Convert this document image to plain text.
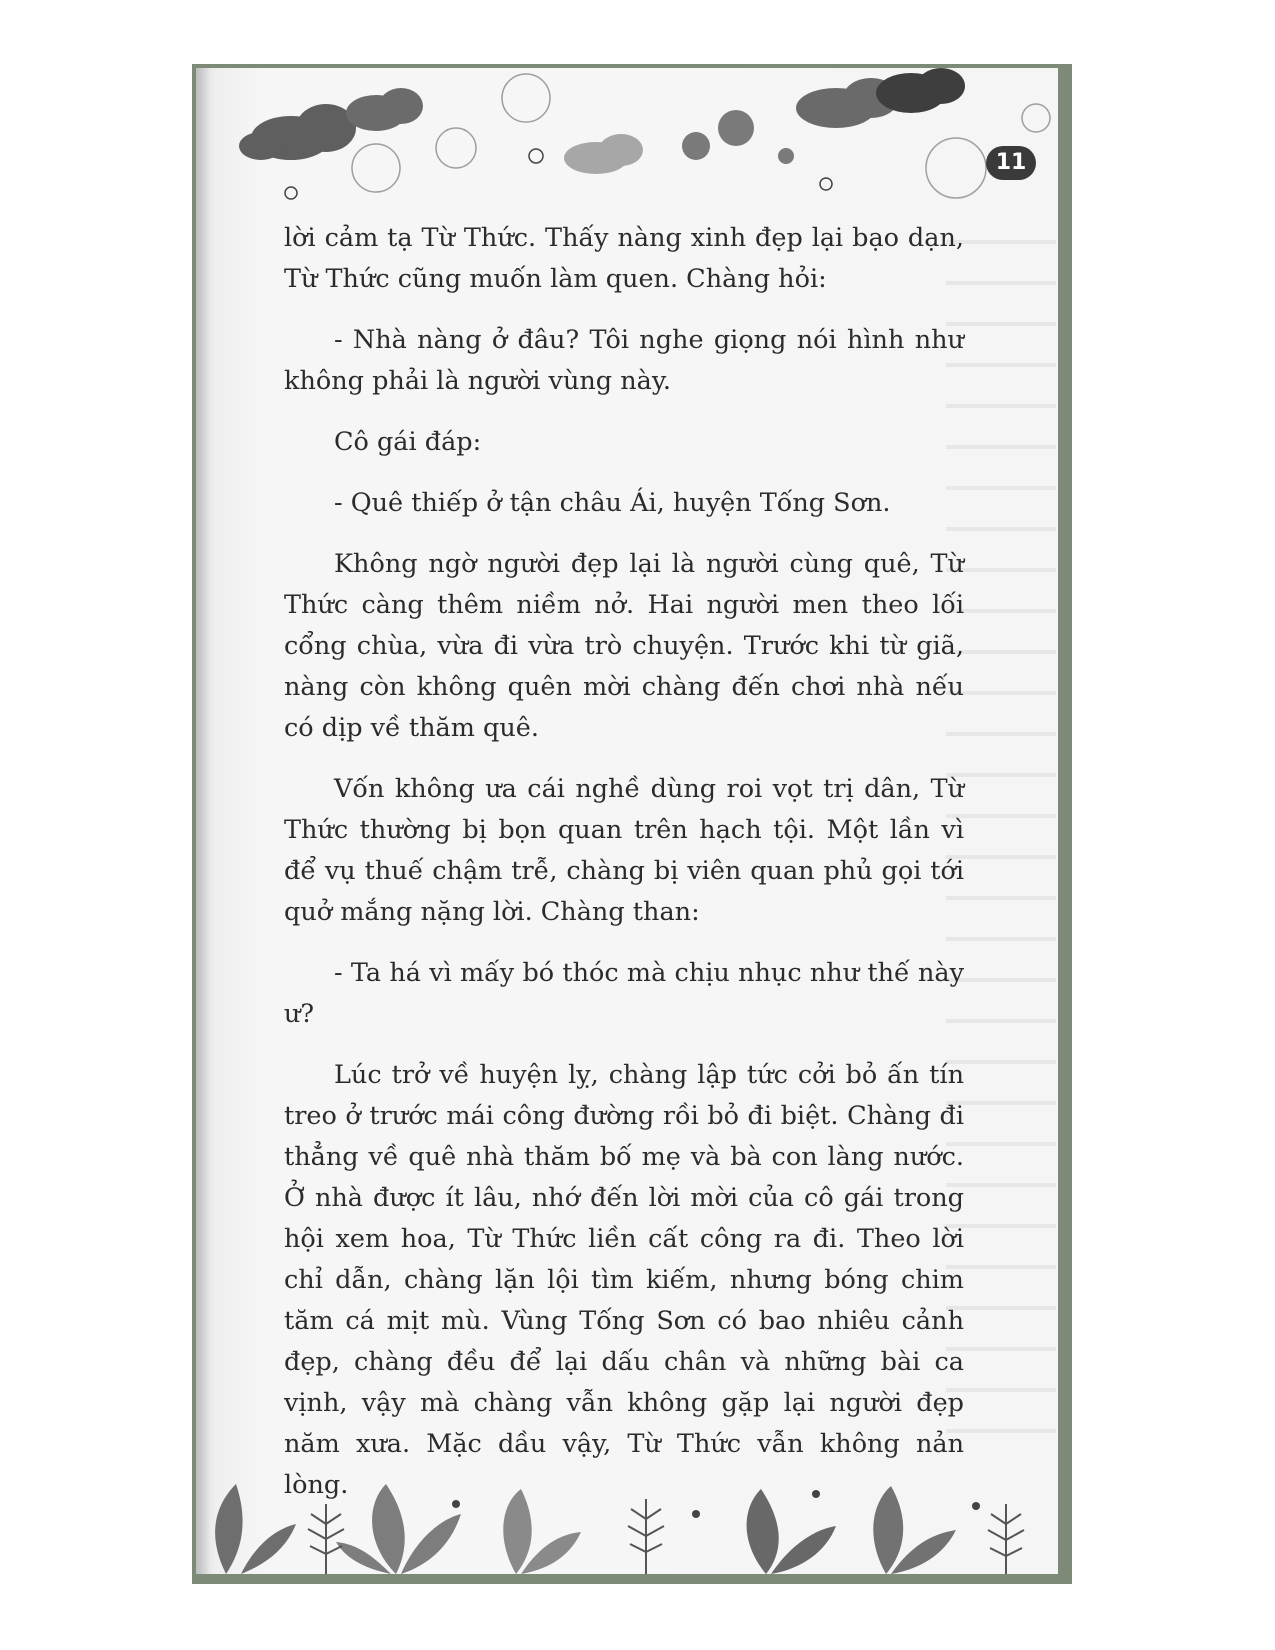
11

lời cảm tạ Từ Thức. Thấy nàng xinh đẹp lại bạo dạn, Từ Thức cũng muốn làm quen. Chàng hỏi:

- Nhà nàng ở đâu? Tôi nghe giọng nói hình như không phải là người vùng này.

Cô gái đáp:

- Quê thiếp ở tận châu Ái, huyện Tống Sơn.

Không ngờ người đẹp lại là người cùng quê, Từ Thức càng thêm niềm nở. Hai người men theo lối cổng chùa, vừa đi vừa trò chuyện. Trước khi từ giã, nàng còn không quên mời chàng đến chơi nhà nếu có dịp về thăm quê.

Vốn không ưa cái nghề dùng roi vọt trị dân, Từ Thức thường bị bọn quan trên hạch tội. Một lần vì để vụ thuế chậm trễ, chàng bị viên quan phủ gọi tới quở mắng nặng lời. Chàng than:

- Ta há vì mấy bó thóc mà chịu nhục như thế này ư?

Lúc trở về huyện lỵ, chàng lập tức cởi bỏ ấn tín treo ở trước mái công đường rồi bỏ đi biệt. Chàng đi thẳng về quê nhà thăm bố mẹ và bà con làng nước. Ở nhà được ít lâu, nhớ đến lời mời của cô gái trong hội xem hoa, Từ Thức liền cất công ra đi. Theo lời chỉ dẫn, chàng lặn lội tìm kiếm, nhưng bóng chim tăm cá mịt mù. Vùng Tống Sơn có bao nhiêu cảnh đẹp, chàng đều để lại dấu chân và những bài ca vịnh, vậy mà chàng vẫn không gặp lại người đẹp năm xưa. Mặc dầu vậy, Từ Thức vẫn không nản lòng.
